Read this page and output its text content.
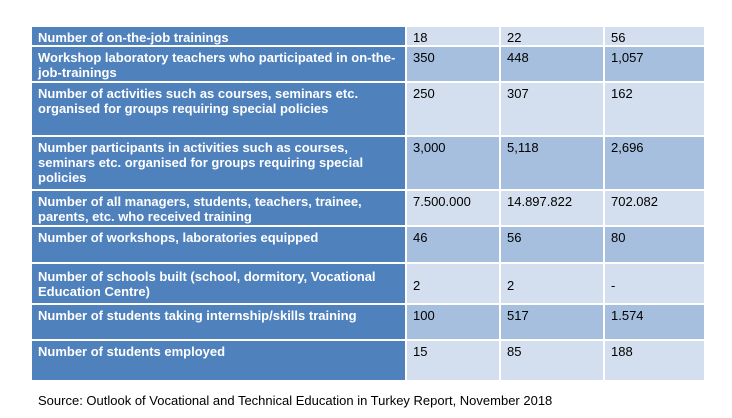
Number of on-the-job trainings	18	22	56
Workshop laboratory teachers who participated in on-the-job-trainings	350	448	1,057
Number of activities such as courses, seminars etc. organised for groups requiring special policies	250	307	162
Number participants in activities such as courses, seminars etc. organised for groups requiring special policies	3,000	5,118	2,696
Number of all managers, students, teachers, trainee, parents, etc. who received training	7.500.000	14.897.822	702.082
Number of workshops, laboratories equipped	46	56	80
Number of schools built (school, dormitory, Vocational Education Centre)	2	2	-
Number of students taking internship/skills training	100	517	1.574
Number of students employed	15	85	188
Source: Outlook of Vocational and Technical Education in Turkey Report, November 2018
